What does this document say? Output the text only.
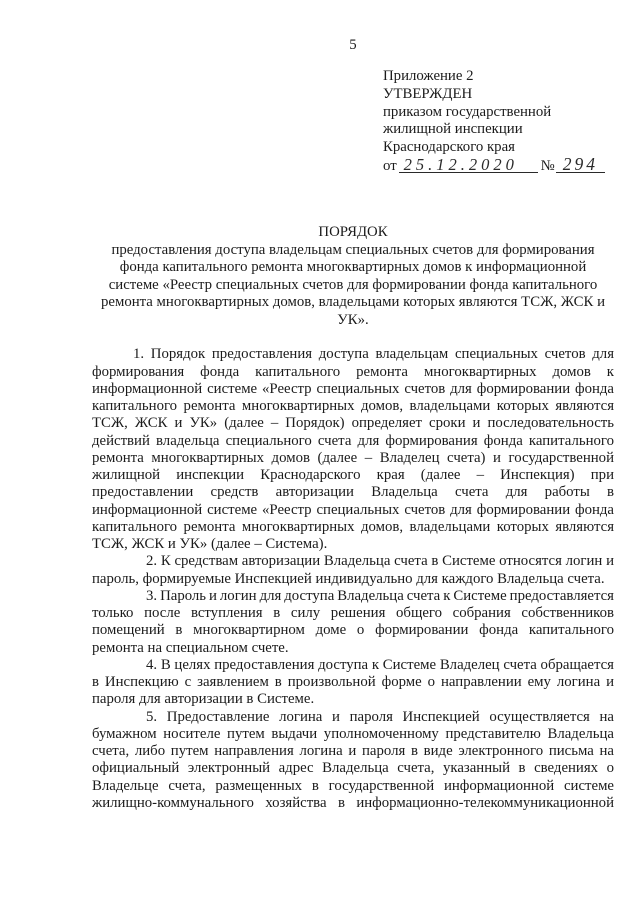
5
Приложение 2
УТВЕРЖДЕН
приказом государственной
жилищной инспекции
Краснодарского края
от 25.12.2020 № 294
ПОРЯДОК
предоставления доступа владельцам специальных счетов для формирования
фонда капитального ремонта многоквартирных домов к информационной
системе «Реестр специальных счетов для формировании фонда капитального
ремонта многоквартирных домов, владельцами которых являются ТСЖ, ЖСК и
УК».
1. Порядок предоставления доступа владельцам специальных счетов для
формирования фонда капитального ремонта многоквартирных домов к
информационной системе «Реестр специальных счетов для формировании фонда
капитального ремонта многоквартирных домов, владельцами которых являются
ТСЖ, ЖСК и УК» (далее – Порядок) определяет сроки и последовательность
действий владельца специального счета для формирования фонда капитального
ремонта многоквартирных домов (далее – Владелец счета) и государственной
жилищной инспекции Краснодарского края (далее – Инспекция) при
предоставлении средств авторизации Владельца счета для работы в
информационной системе «Реестр специальных счетов для формировании фонда
капитального ремонта многоквартирных домов, владельцами которых являются
ТСЖ, ЖСК и УК» (далее – Система).
2. К средствам авторизации Владельца счета в Системе относятся логин и
пароль, формируемые Инспекцией индивидуально для каждого Владельца счета.
3. Пароль и логин для доступа Владельца счета к Системе предоставляется
только после вступления в силу решения общего собрания собственников
помещений в многоквартирном доме о формировании фонда капитального
ремонта на специальном счете.
4. В целях предоставления доступа к Системе Владелец счета обращается
в Инспекцию с заявлением в произвольной форме о направлении ему логина и
пароля для авторизации в Системе.
5. Предоставление логина и пароля Инспекцией осуществляется на
бумажном носителе путем выдачи уполномоченному представителю Владельца
счета, либо путем направления логина и пароля в виде электронного письма на
официальный электронный адрес Владельца счета, указанный в сведениях о
Владельце счета, размещенных в государственной информационной системе
жилищно-коммунального хозяйства в информационно-телекоммуникационной
